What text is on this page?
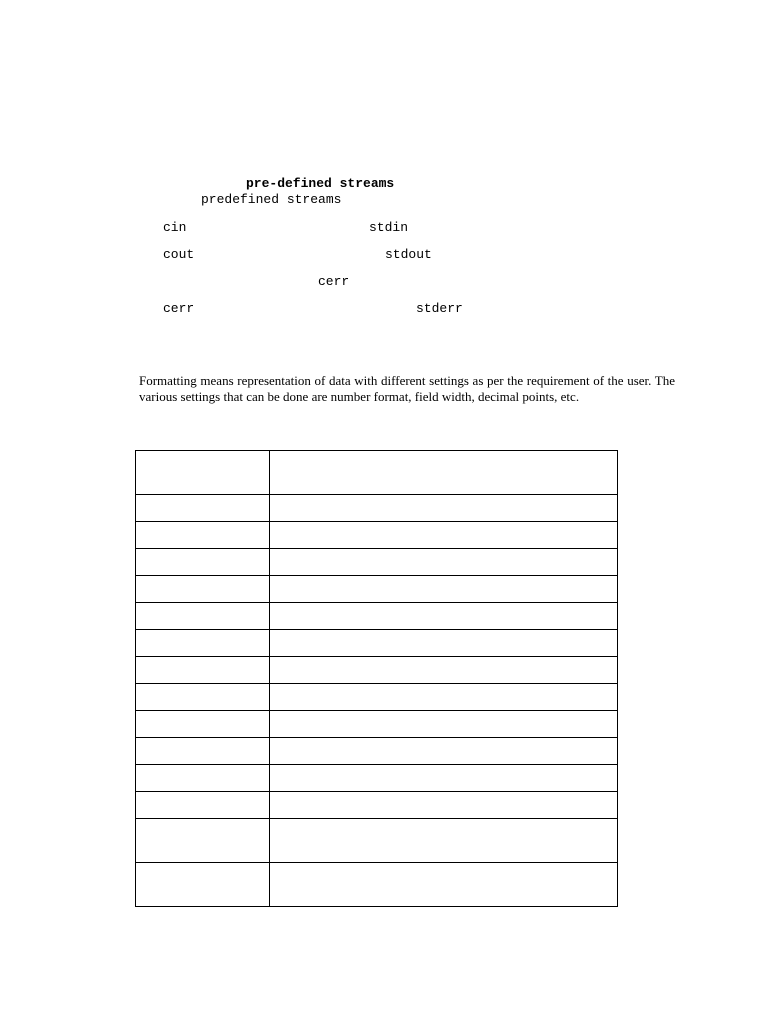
pre-defined streams
predefined streams
cin	stdin
cout	stdout
cerr
cerr	stderr
Formatting means representation of data with different settings as per the requirement of the user. The various settings that can be done are number format, field width, decimal points, etc.
